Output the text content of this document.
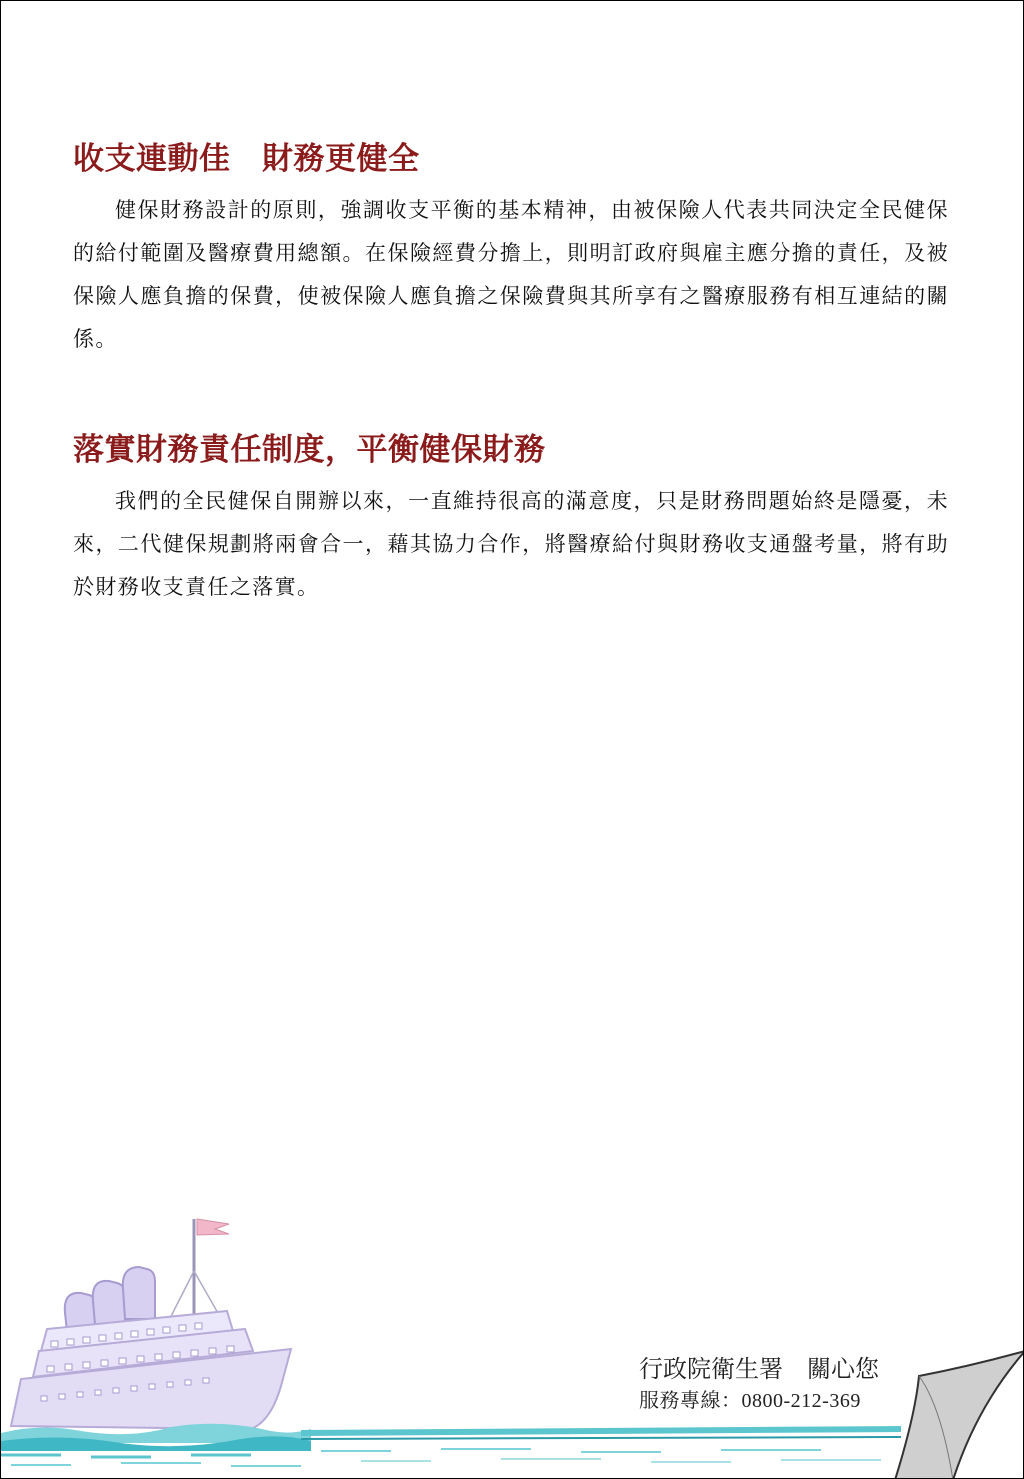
收支連動佳　財務更健全

健保財務設計的原則，強調收支平衡的基本精神，由被保險人代表共同決定全民健保的給付範圍及醫療費用總額。在保險經費分擔上，則明訂政府與雇主應分擔的責任，及被保險人應負擔的保費，使被保險人應負擔之保險費與其所享有之醫療服務有相互連結的關係。

落實財務責任制度，平衡健保財務

我們的全民健保自開辦以來，一直維持很高的滿意度，只是財務問題始終是隱憂，未來，二代健保規劃將兩會合一，藉其協力合作，將醫療給付與財務收支通盤考量，將有助於財務收支責任之落實。

行政院衛生署　關心您
服務專線：0800-212-369
